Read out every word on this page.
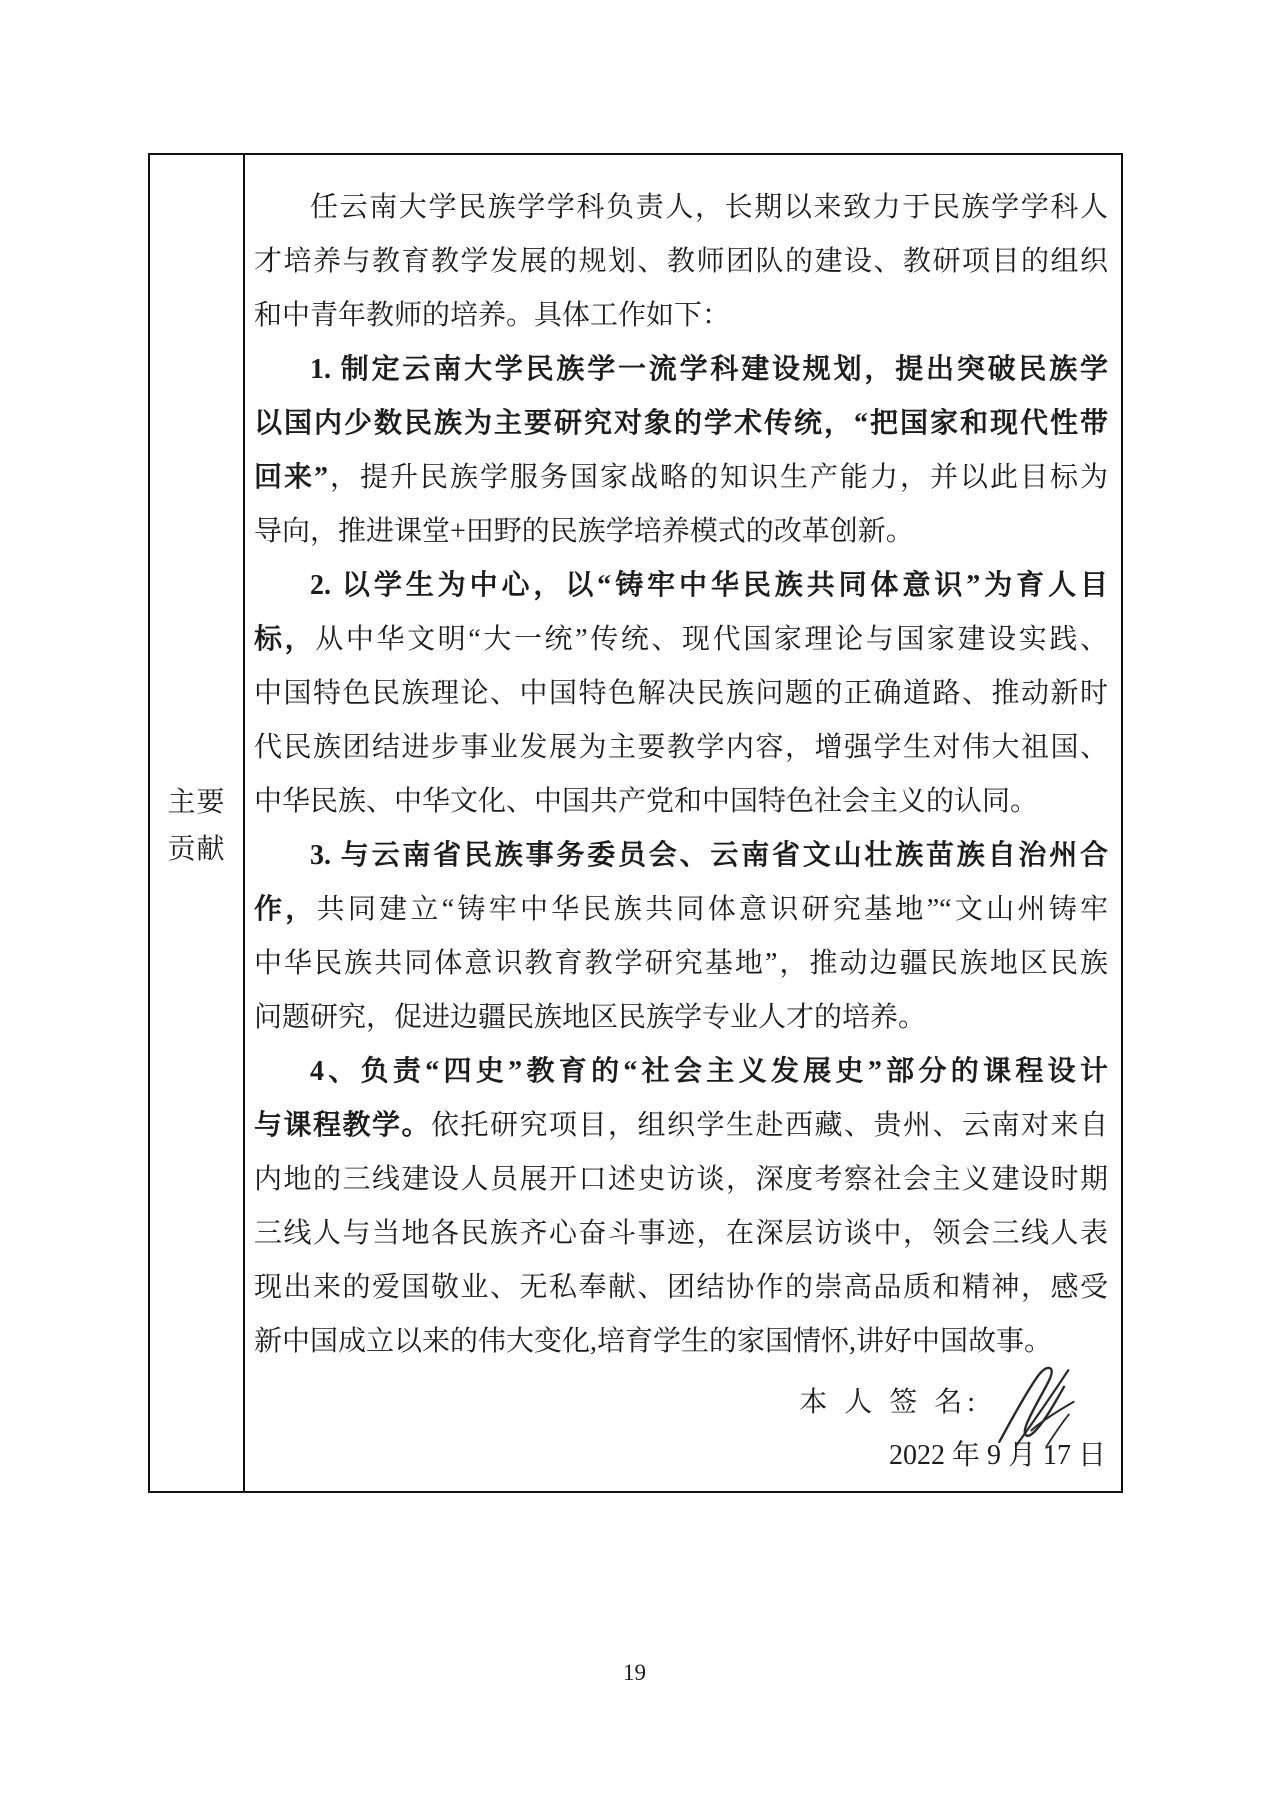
主要
贡献
任云南大学民族学学科负责人，长期以来致力于民族学学科人
才培养与教育教学发展的规划、教师团队的建设、教研项目的组织
和中青年教师的培养。具体工作如下：
1. 制定云南大学民族学一流学科建设规划，提出突破民族学
以国内少数民族为主要研究对象的学术传统，“把国家和现代性带
回来”，提升民族学服务国家战略的知识生产能力，并以此目标为
导向，推进课堂+田野的民族学培养模式的改革创新。
2. 以学生为中心，以“铸牢中华民族共同体意识”为育人目
标，从中华文明“大一统”传统、现代国家理论与国家建设实践、
中国特色民族理论、中国特色解决民族问题的正确道路、推动新时
代民族团结进步事业发展为主要教学内容，增强学生对伟大祖国、
中华民族、中华文化、中国共产党和中国特色社会主义的认同。
3. 与云南省民族事务委员会、云南省文山壮族苗族自治州合
作，共同建立“铸牢中华民族共同体意识研究基地”“文山州铸牢
中华民族共同体意识教育教学研究基地”，推动边疆民族地区民族
问题研究，促进边疆民族地区民族学专业人才的培养。
4、负责“四史”教育的“社会主义发展史”部分的课程设计
与课程教学。依托研究项目，组织学生赴西藏、贵州、云南对来自
内地的三线建设人员展开口述史访谈，深度考察社会主义建设时期
三线人与当地各民族齐心奋斗事迹，在深层访谈中，领会三线人表
现出来的爱国敬业、无私奉献、团结协作的崇高品质和精神，感受
新中国成立以来的伟大变化,培育学生的家国情怀,讲好中国故事。
本 人 签 名:
2022 年 9 月 17 日
19
